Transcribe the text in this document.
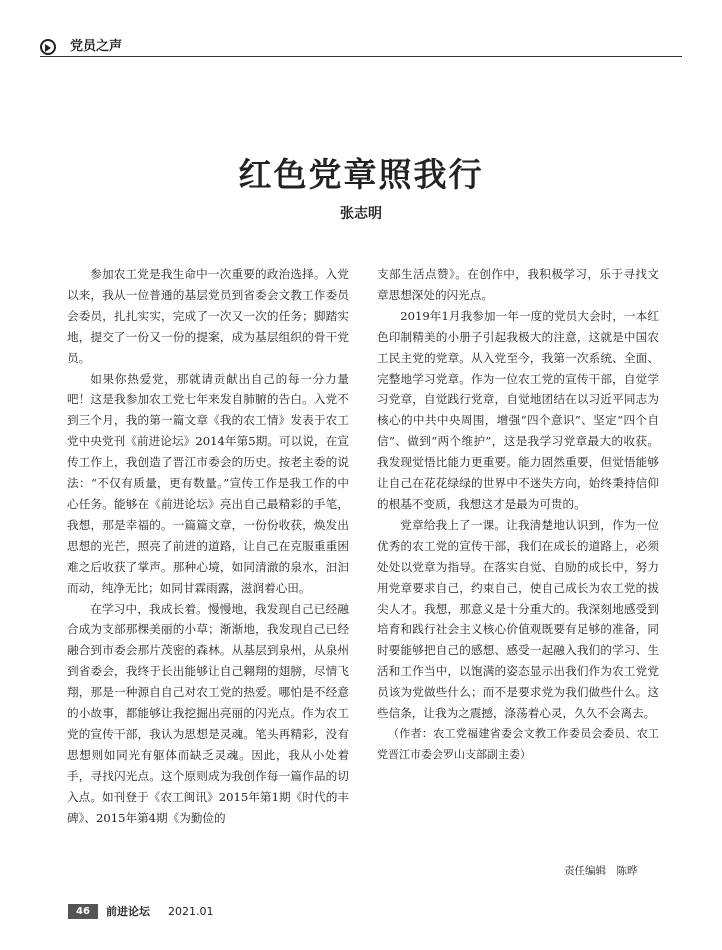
党员之声
红色党章照我行
张志明

参加农工党是我生命中一次重要的政治选择。入党以来，我从一位普通的基层党员到省委会文教工作委员会委员，扎扎实实，完成了一次又一次的任务；脚踏实地，提交了一份又一份的提案，成为基层组织的骨干党员。

如果你热爱党，那就请贡献出自己的每一分力量吧！这是我参加农工党七年来发自肺腑的告白。入党不到三个月，我的第一篇文章《我的农工情》发表于农工党中央党刊《前进论坛》2014年第5期。可以说，在宣传工作上，我创造了晋江市委会的历史。按老主委的说法：“不仅有质量，更有数量。”宣传工作是我工作的中心任务。能够在《前进论坛》亮出自己最精彩的手笔，我想，那是幸福的。一篇篇文章，一份份收获，焕发出思想的光芒，照亮了前进的道路，让自己在克服重重困难之后收获了掌声。那种心境，如同清澈的泉水，汩汩而动，纯净无比；如同甘霖雨露，滋润着心田。

在学习中，我成长着。慢慢地，我发现自己已经融合成为支部那棵美丽的小草；渐渐地，我发现自己已经融合到市委会那片茂密的森林。从基层到泉州，从泉州到省委会，我终于长出能够让自己翱翔的翅膀，尽情飞翔，那是一种源自自己对农工党的热爱。哪怕是不经意的小故事，都能够让我挖掘出亮丽的闪光点。作为农工党的宣传干部，我认为思想是灵魂。笔头再精彩，没有思想则如同光有躯体而缺乏灵魂。因此，我从小处着手，寻找闪光点。这个原则成为我创作每一篇作品的切入点。如刊登于《农工闽讯》2015年第1期《时代的丰碑》、2015年第4期《为勤俭的

支部生活点赞》。在创作中，我积极学习，乐于寻找文章思想深处的闪光点。

2019年1月我参加一年一度的党员大会时，一本红色印制精美的小册子引起我极大的注意，这就是中国农工民主党的党章。从入党至今，我第一次系统、全面、完整地学习党章。作为一位农工党的宣传干部，自觉学习党章，自觉践行党章，自觉地团结在以习近平同志为核心的中共中央周围，增强“四个意识”、坚定“四个自信”、做到“两个维护”，这是我学习党章最大的收获。我发现觉悟比能力更重要。能力固然重要，但觉悟能够让自己在花花绿绿的世界中不迷失方向，始终秉持信仰的根基不变质，我想这才是最为可贵的。

党章给我上了一课。让我清楚地认识到，作为一位优秀的农工党的宣传干部，我们在成长的道路上，必须处处以党章为指导。在落实自觉、自励的成长中，努力用党章要求自己，约束自己，使自己成长为农工党的拔尖人才。我想，那意义是十分重大的。我深刻地感受到培育和践行社会主义核心价值观既要有足够的准备，同时要能够把自己的感想、感受一起融入我们的学习、生活和工作当中，以饱满的姿态显示出我们作为农工党党员该为党做些什么；而不是要求党为我们做些什么。这些信条，让我为之震撼，涤荡着心灵，久久不会离去。

（作者：农工党福建省委会文教工作委员会委员、农工党晋江市委会罗山支部副主委）

责任编辑　陈晔
46	前进论坛 2021.01
